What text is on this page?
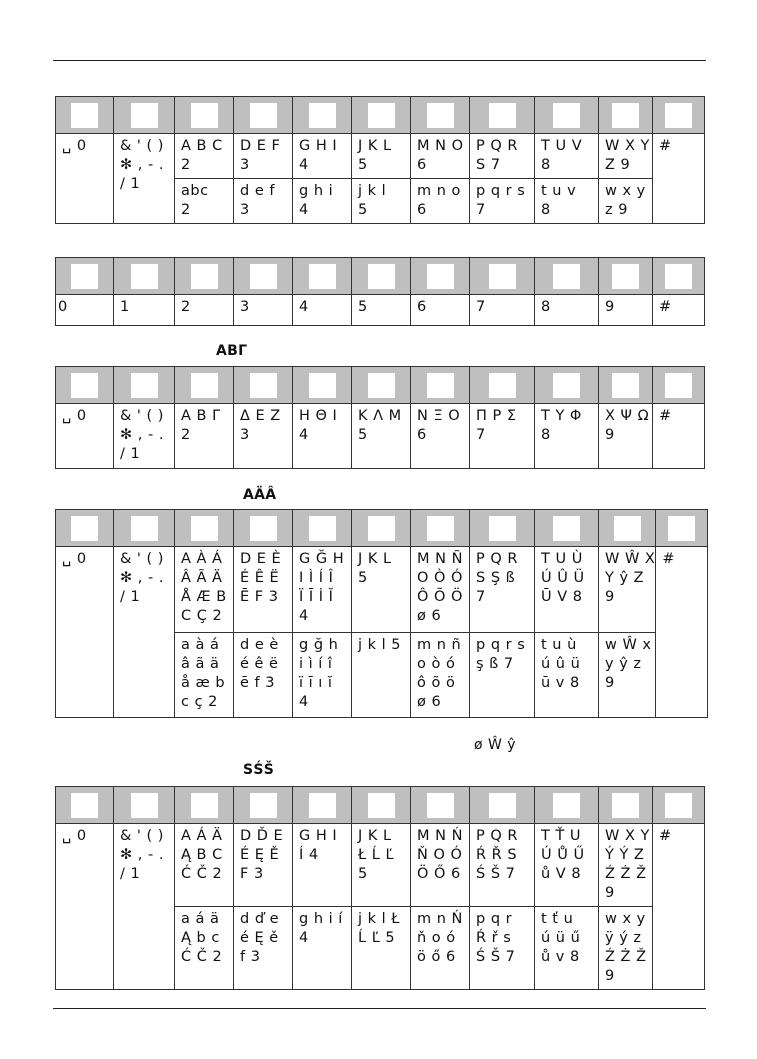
␣ 0	& ' ( )
✻ , - .
/ 1	A B C
2	D E F
3	G H I
4	J K L
5	M N O
6	P Q R
S 7	T U V
8	W X Y
Z 9	#

		abc
2	d e f
3	g h i
4	j k l
5	m n o
6	p q r s
7	t u v
8	w x y
z 9	

0	1	2	3	4	5	6	7	8	9	#
ΑΒΓ

␣ 0	& ' ( )
✻ , - .
/ 1	Α Β Γ
2	Δ Ε Ζ
3	Η Θ Ι
4	Κ Λ Μ
5	Ν Ξ Ο
6	Π Ρ Σ
7	Τ Υ Φ
8	Χ Ψ Ω
9	#
AÄÂ

␣ 0	& ' ( )
✻ , - .
/ 1	A À Á
Â Ã Ä
Å Æ B
C Ç 2	D E È
É Ê Ë
Ē F 3	G Ğ H
I Ì Í Î
Ï Ī İ Ĭ
4	J K L
5	M N Ñ
O Ò Ó
Ô Õ Ö
ø 6	P Q R
S Ş ß
7	T U Ù
Ú Û Ü
Ū V 8	W Ŵ X
Y ŷ Z
9	#

		a à á
â ã ä
å æ b
c ç 2	d e è
é ê ë
ē f 3	g ğ h
i ì í î
ï ī ı ĭ
4	j k l 5	m n ñ
o ò ó
ô õ ö
ø 6	p q r s
ş ß 7	t u ù
ú û ü
ū v 8	w Ŵ x
y ŷ z
9	
ø Ŵ ŷ
SŚŠ

␣ 0	& ' ( )
✻ , - .
/ 1	A Á Ä
Ą B C
Ć Č 2	D Ď E
É Ę Ě
F 3	G H I
Í 4	J K L
Ł Ĺ Ľ
5	M N Ń
Ň O Ó
Ö Ő 6	P Q R
Ŕ Ř S
Ś Š 7	T Ť U
Ú Ů Ű
ů V 8	W X Y
Ý Ý Z
Ź Ż Ž
9	#

		a á ä
Ą b c
Ć Č 2	d ď e
é Ę ě
f 3	g h i í
4	j k l Ł
Ĺ Ľ 5	m n Ń
ň o ó
ö ő 6	p q r
Ŕ ř s
Ś Š 7	t ť u
ú ü ű
ů v 8	w x y
ÿ ý z
Ź Ż Ž
9	
